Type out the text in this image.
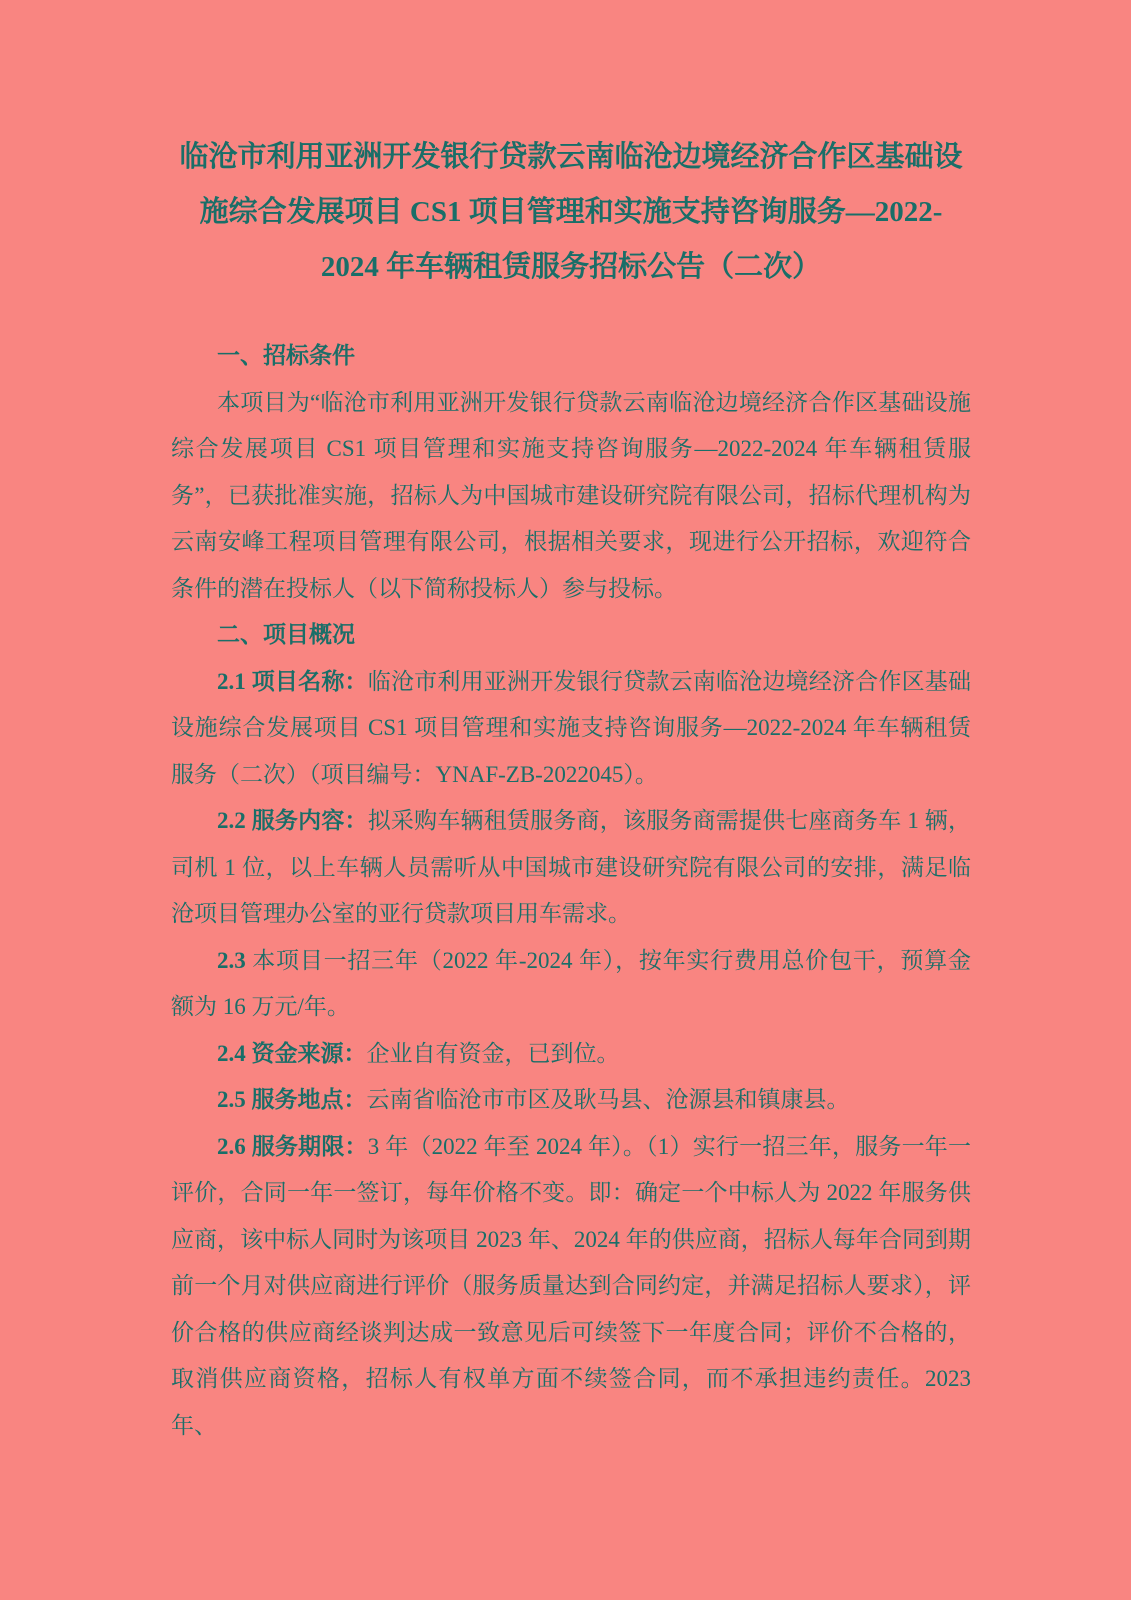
临沧市利用亚洲开发银行贷款云南临沧边境经济合作区基础设
施综合发展项目 CS1 项目管理和实施支持咨询服务—2022-
2024 年车辆租赁服务招标公告（二次）

一、招标条件

本项目为“临沧市利用亚洲开发银行贷款云南临沧边境经济合作区基础设施综合发展项目 CS1 项目管理和实施支持咨询服务—2022-2024 年车辆租赁服务”，已获批准实施，招标人为中国城市建设研究院有限公司，招标代理机构为云南安峰工程项目管理有限公司，根据相关要求，现进行公开招标，欢迎符合条件的潜在投标人（以下简称投标人）参与投标。

二、项目概况

2.1 项目名称：临沧市利用亚洲开发银行贷款云南临沧边境经济合作区基础设施综合发展项目 CS1 项目管理和实施支持咨询服务—2022-2024 年车辆租赁服务（二次）（项目编号：YNAF-ZB-2022045）。

2.2 服务内容：拟采购车辆租赁服务商，该服务商需提供七座商务车 1 辆，司机 1 位，以上车辆人员需听从中国城市建设研究院有限公司的安排，满足临沧项目管理办公室的亚行贷款项目用车需求。

2.3 本项目一招三年（2022 年-2024 年），按年实行费用总价包干，预算金额为 16 万元/年。

2.4 资金来源：企业自有资金，已到位。

2.5 服务地点：云南省临沧市市区及耿马县、沧源县和镇康县。

2.6 服务期限：3 年（2022 年至 2024 年）。（1）实行一招三年，服务一年一评价，合同一年一签订，每年价格不变。即：确定一个中标人为 2022 年服务供应商，该中标人同时为该项目 2023 年、2024 年的供应商，招标人每年合同到期前一个月对供应商进行评价（服务质量达到合同约定，并满足招标人要求），评价合格的供应商经谈判达成一致意见后可续签下一年度合同；评价不合格的，取消供应商资格，招标人有权单方面不续签合同，而不承担违约责任。2023 年、
